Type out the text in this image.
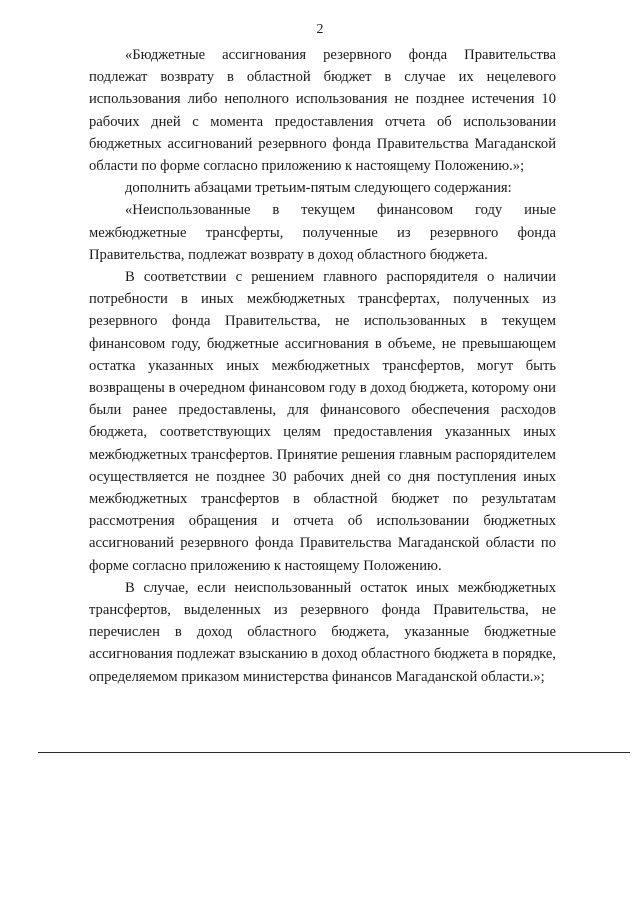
2

«Бюджетные ассигнования резервного фонда Правительства подлежат возврату в областной бюджет в случае их нецелевого использования либо неполного использования не позднее истечения 10 рабочих дней с момента предоставления отчета об использовании бюджетных ассигнований резервного фонда Правительства Магаданской области по форме согласно приложению к настоящему Положению.»;

дополнить абзацами третьим-пятым следующего содержания:

«Неиспользованные в текущем финансовом году иные межбюджетные трансферты, полученные из резервного фонда Правительства, подлежат возврату в доход областного бюджета.

В соответствии с решением главного распорядителя о наличии потребности в иных межбюджетных трансфертах, полученных из резервного фонда Правительства, не использованных в текущем финансовом году, бюджетные ассигнования в объеме, не превышающем остатка указанных иных межбюджетных трансфертов, могут быть возвращены в очередном финансовом году в доход бюджета, которому они были ранее предоставлены, для финансового обеспечения расходов бюджета, соответствующих целям предоставления указанных иных межбюджетных трансфертов. Принятие решения главным распорядителем осуществляется не позднее 30 рабочих дней со дня поступления иных межбюджетных трансфертов в областной бюджет по результатам рассмотрения обращения и отчета об использовании бюджетных ассигнований резервного фонда Правительства Магаданской области по форме согласно приложению к настоящему Положению.

В случае, если неиспользованный остаток иных межбюджетных трансфертов, выделенных из резервного фонда Правительства, не перечислен в доход областного бюджета, указанные бюджетные ассигнования подлежат взысканию в доход областного бюджета в порядке, определяемом приказом министерства финансов Магаданской области.»;
